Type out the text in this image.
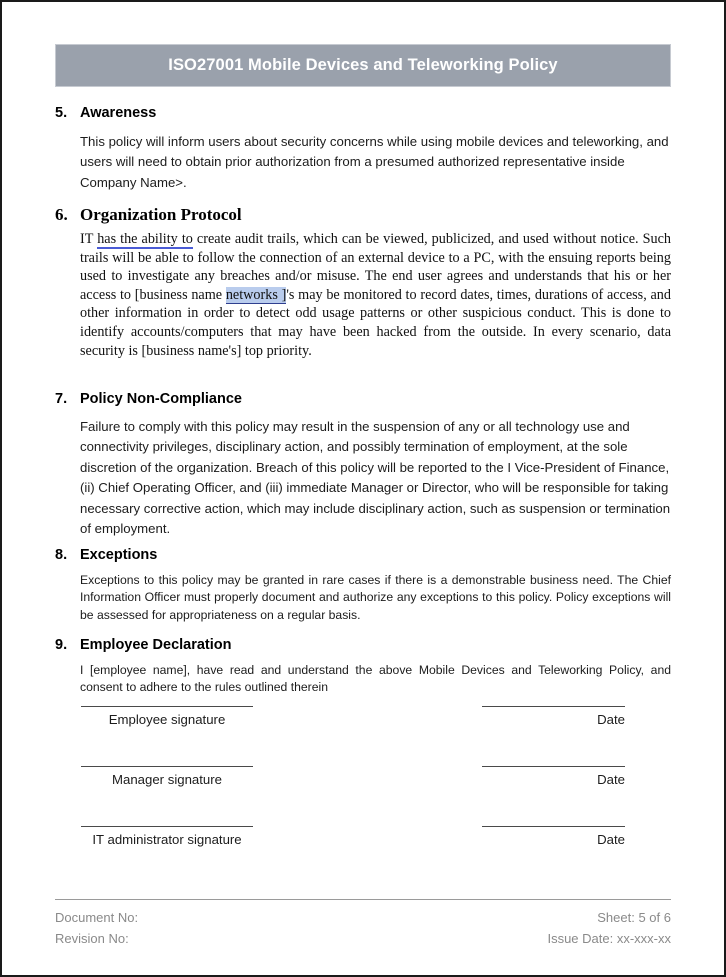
ISO27001 Mobile Devices and Teleworking Policy
5. Awareness
This policy will inform users about security concerns while using mobile devices and teleworking, and users will need to obtain prior authorization from a presumed authorized representative inside Company Name>.
6. Organization Protocol
IT has the ability to create audit trails, which can be viewed, publicized, and used without notice. Such trails will be able to follow the connection of an external device to a PC, with the ensuing reports being used to investigate any breaches and/or misuse. The end user agrees and understands that his or her access to [business name networks ]'s may be monitored to record dates, times, durations of access, and other information in order to detect odd usage patterns or other suspicious conduct. This is done to identify accounts/computers that may have been hacked from the outside. In every scenario, data security is [business name's] top priority.
7. Policy Non-Compliance
Failure to comply with this policy may result in the suspension of any or all technology use and connectivity privileges, disciplinary action, and possibly termination of employment, at the sole discretion of the organization. Breach of this policy will be reported to the I Vice-President of Finance, (ii) Chief Operating Officer, and (iii) immediate Manager or Director, who will be responsible for taking necessary corrective action, which may include disciplinary action, such as suspension or termination of employment.
8. Exceptions
Exceptions to this policy may be granted in rare cases if there is a demonstrable business need. The Chief Information Officer must properly document and authorize any exceptions to this policy. Policy exceptions will be assessed for appropriateness on a regular basis.
9. Employee Declaration
I [employee name], have read and understand the above Mobile Devices and Teleworking Policy, and consent to adhere to the rules outlined therein
Employee signature	Date
Manager signature	Date
IT administrator signature	Date
Document No:
Revision No:
Sheet: 5 of 6
Issue Date: xx-xxx-xx
